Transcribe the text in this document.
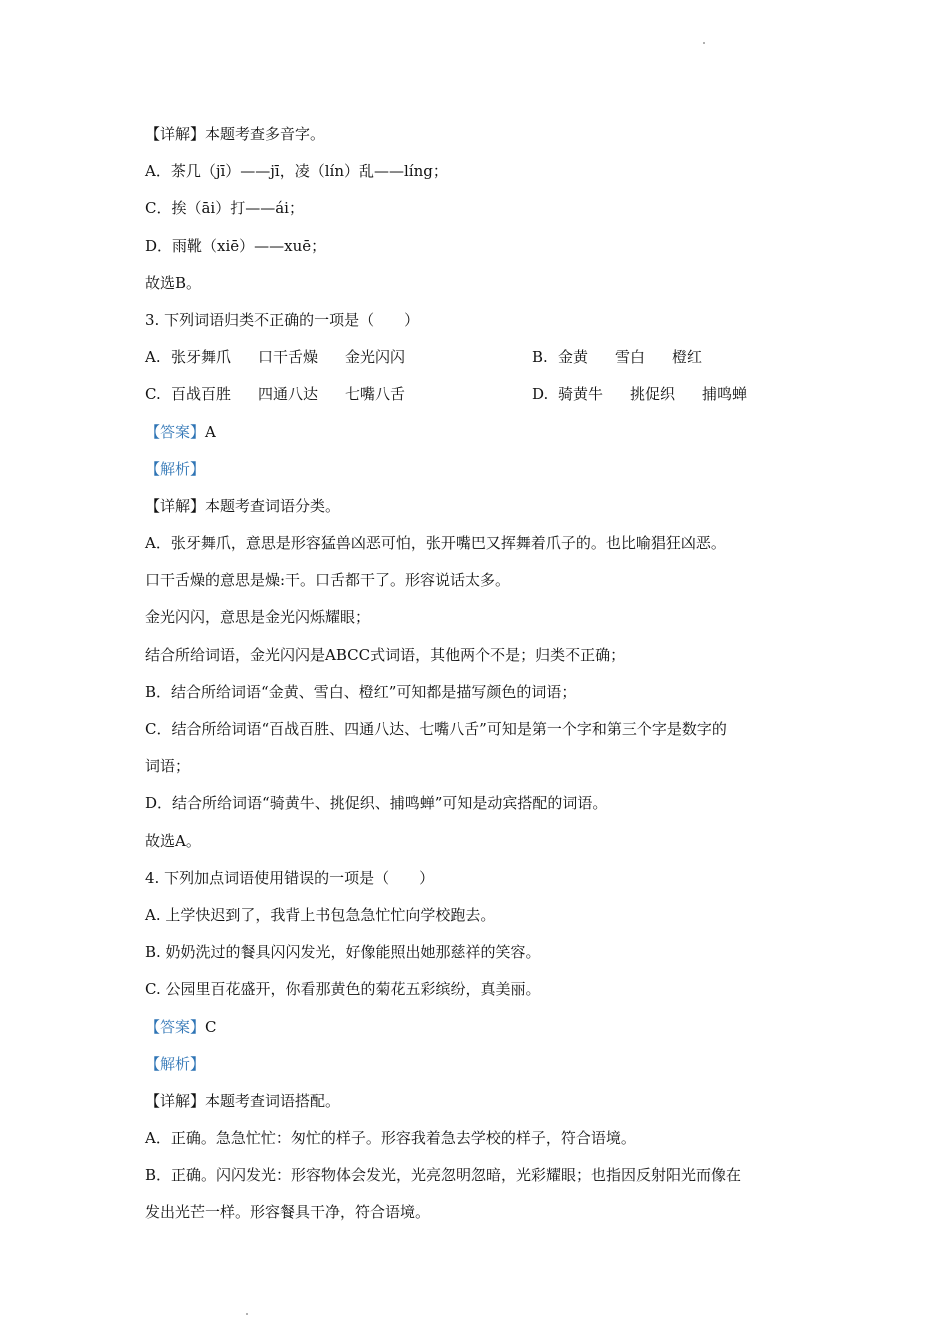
【详解】本题考查多音字。
A．茶几（jī）——jī，凌（lín）乱——líng；
C．挨（āi）打——ái；
D．雨靴（xiē）——xuē；
故选B。
3. 下列词语归类不正确的一项是（　　）
A. 张牙舞爪 口干舌燥 金光闪闪	B. 金黄 雪白 橙红
C. 百战百胜 四通八达 七嘴八舌	D. 骑黄牛 挑促织 捕鸣蝉
【答案】A
【解析】
【详解】本题考查词语分类。
A．张牙舞爪，意思是形容猛兽凶恶可怕，张开嘴巴又挥舞着爪子的。也比喻猖狂凶恶。
口干舌燥的意思是燥:干。口舌都干了。形容说话太多。
金光闪闪，意思是金光闪烁耀眼；
结合所给词语，金光闪闪是ABCC式词语，其他两个不是；归类不正确；
B．结合所给词语“金黄、雪白、橙红”可知都是描写颜色的词语；
C．结合所给词语“百战百胜、四通八达、七嘴八舌”可知是第一个字和第三个字是数字的
词语；
D．结合所给词语“骑黄牛、挑促织、捕鸣蝉”可知是动宾搭配的词语。
故选A。
4. 下列加点词语使用错误的一项是（　　）
A. 上学快迟到了，我背上书包急急忙忙向学校跑去。
B. 奶奶洗过的餐具闪闪发光，好像能照出她那慈祥的笑容。
C. 公园里百花盛开，你看那黄色的菊花五彩缤纷，真美丽。
【答案】C
【解析】
【详解】本题考查词语搭配。
A．正确。急急忙忙：匆忙的样子。形容我着急去学校的样子，符合语境。
B．正确。闪闪发光：形容物体会发光，光亮忽明忽暗，光彩耀眼；也指因反射阳光而像在
发出光芒一样。形容餐具干净，符合语境。
